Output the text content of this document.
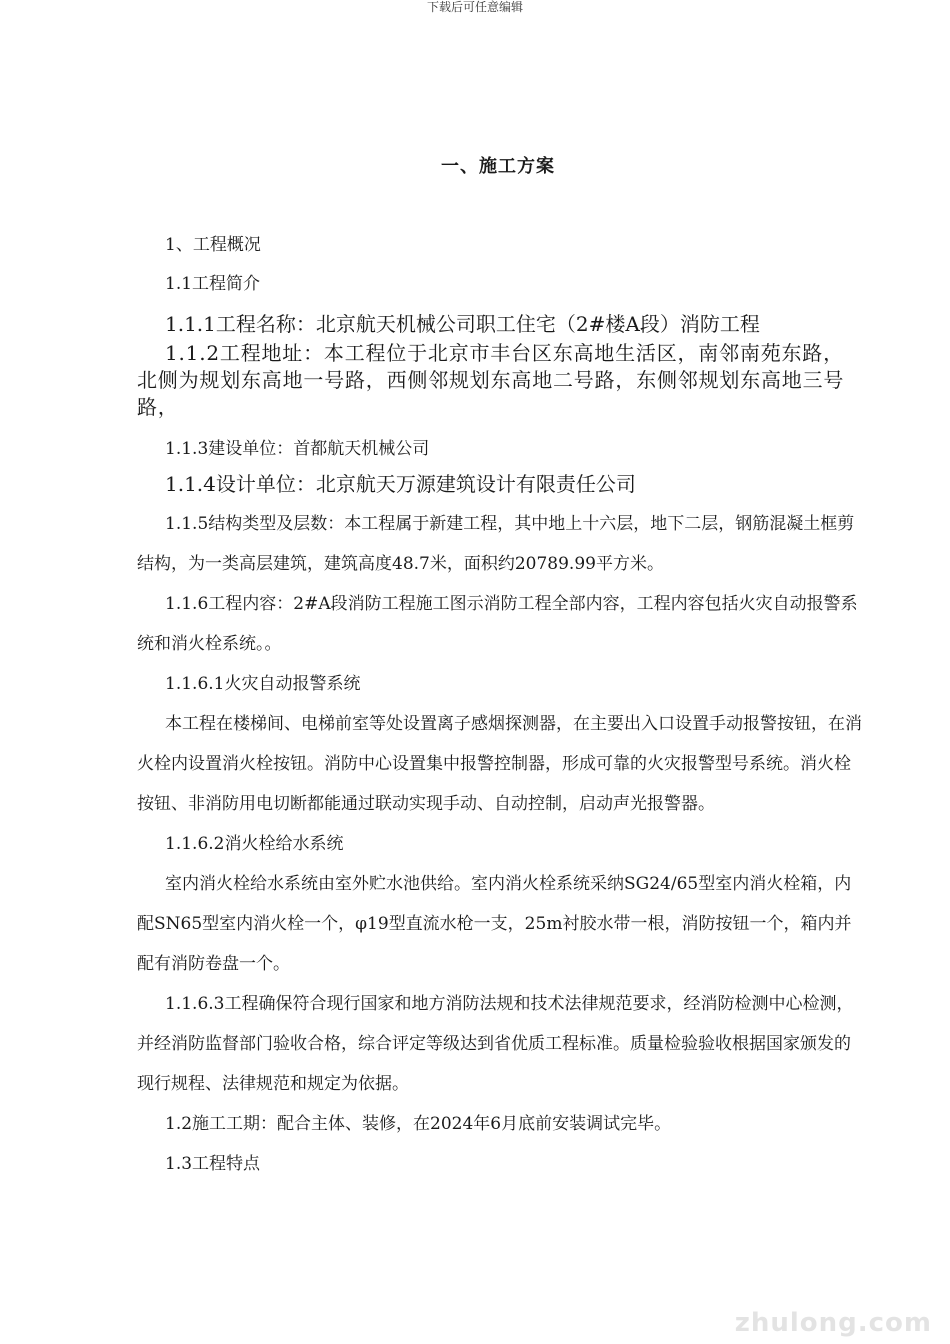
下载后可任意编辑
一、施工方案

1、工程概况

1.1工程简介

1.1.1工程名称：北京航天机械公司职工住宅（2#楼A段）消防工程

1.1.2工程地址：本工程位于北京市丰台区东高地生活区，南邻南苑东路，北侧为规划东高地一号路，西侧邻规划东高地二号路，东侧邻规划东高地三号路，

1.1.3建设单位：首都航天机械公司

1.1.4设计单位：北京航天万源建筑设计有限责任公司

1.1.5结构类型及层数：本工程属于新建工程，其中地上十六层，地下二层，钢筋混凝土框剪结构，为一类高层建筑，建筑高度48.7米，面积约20789.99平方米。

1.1.6工程内容：2#A段消防工程施工图示消防工程全部内容，工程内容包括火灾自动报警系统和消火栓系统。。

1.1.6.1火灾自动报警系统

本工程在楼梯间、电梯前室等处设置离子感烟探测器，在主要出入口设置手动报警按钮，在消火栓内设置消火栓按钮。消防中心设置集中报警控制器，形成可靠的火灾报警型号系统。消火栓按钮、非消防用电切断都能通过联动实现手动、自动控制，启动声光报警器。

1.1.6.2消火栓给水系统

室内消火栓给水系统由室外贮水池供给。室内消火栓系统采纳SG24/65型室内消火栓箱，内配SN65型室内消火栓一个，φ19型直流水枪一支，25m衬胶水带一根，消防按钮一个，箱内并配有消防卷盘一个。

1.1.6.3工程确保符合现行国家和地方消防法规和技术法律规范要求，经消防检测中心检测，并经消防监督部门验收合格，综合评定等级达到省优质工程标准。质量检验验收根据国家颁发的现行规程、法律规范和规定为依据。

1.2施工工期：配合主体、装修，在2024年6月底前安装调试完毕。

1.3工程特点

zhulong.com
